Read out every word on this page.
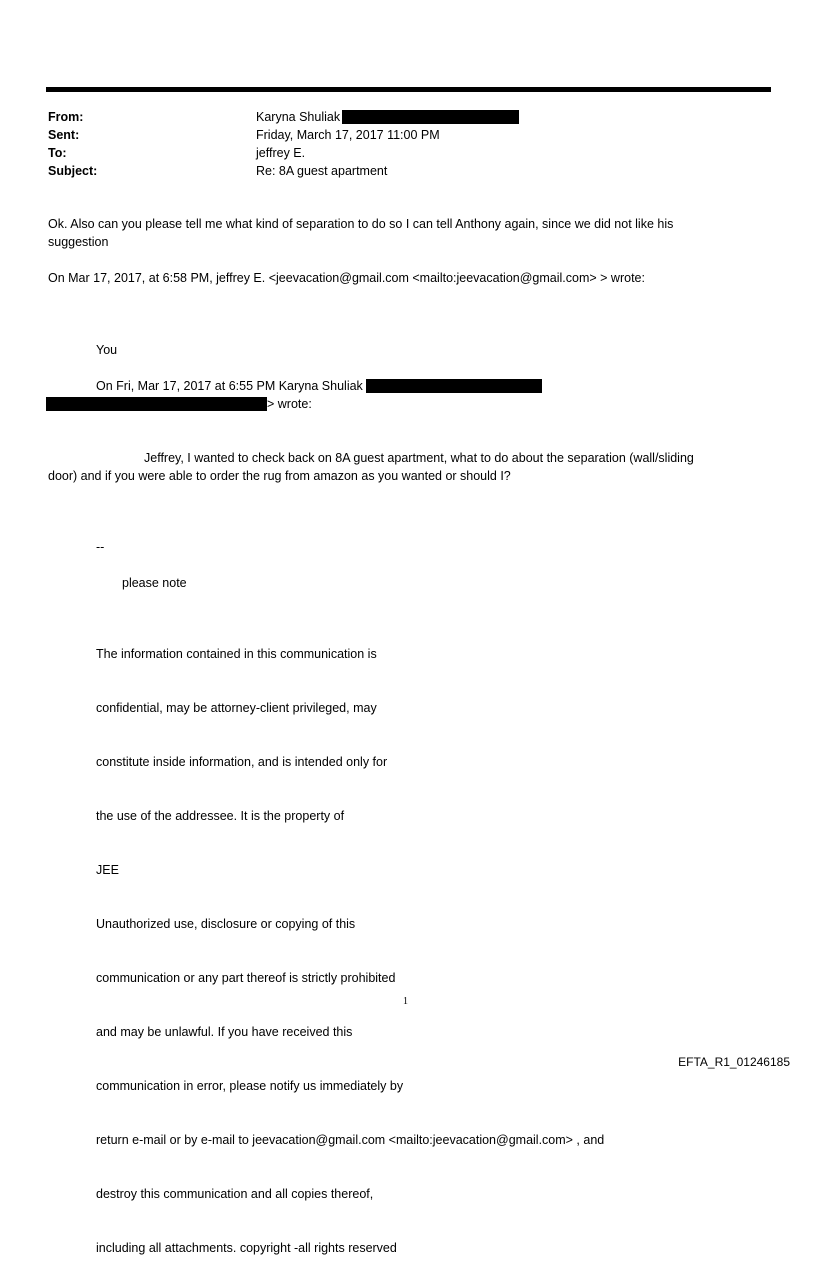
From:	Karyna Shuliak
Sent:	Friday, March 17, 2017 11:00 PM
To:	jeffrey E.
Subject:	Re: 8A guest apartment

Ok. Also can you please tell me what kind of separation to do so I can tell Anthony again, since we did not like his

suggestion

On Mar 17, 2017, at 6:58 PM, jeffrey E. <jeevacation@gmail.com <mailto:jeevacation@gmail.com> > wrote:

You

On Fri, Mar 17, 2017 at 6:55 PM Karyna Shuliak

> wrote:

Jeffrey, I wanted to check back on 8A guest apartment, what to do about the separation (wall/sliding

door) and if you were able to order the rug from amazon as you wanted or should I?

--

please note

The information contained in this communication is

confidential, may be attorney-client privileged, may

constitute inside information, and is intended only for

the use of the addressee. It is the property of

JEE

Unauthorized use, disclosure or copying of this

communication or any part thereof is strictly prohibited

and may be unlawful. If you have received this

communication in error, please notify us immediately by

return e-mail or by e-mail to jeevacation@gmail.com <mailto:jeevacation@gmail.com> , and

destroy this communication and all copies thereof,

including all attachments. copyright -all rights reserved

1
EFTA_R1_01246185
